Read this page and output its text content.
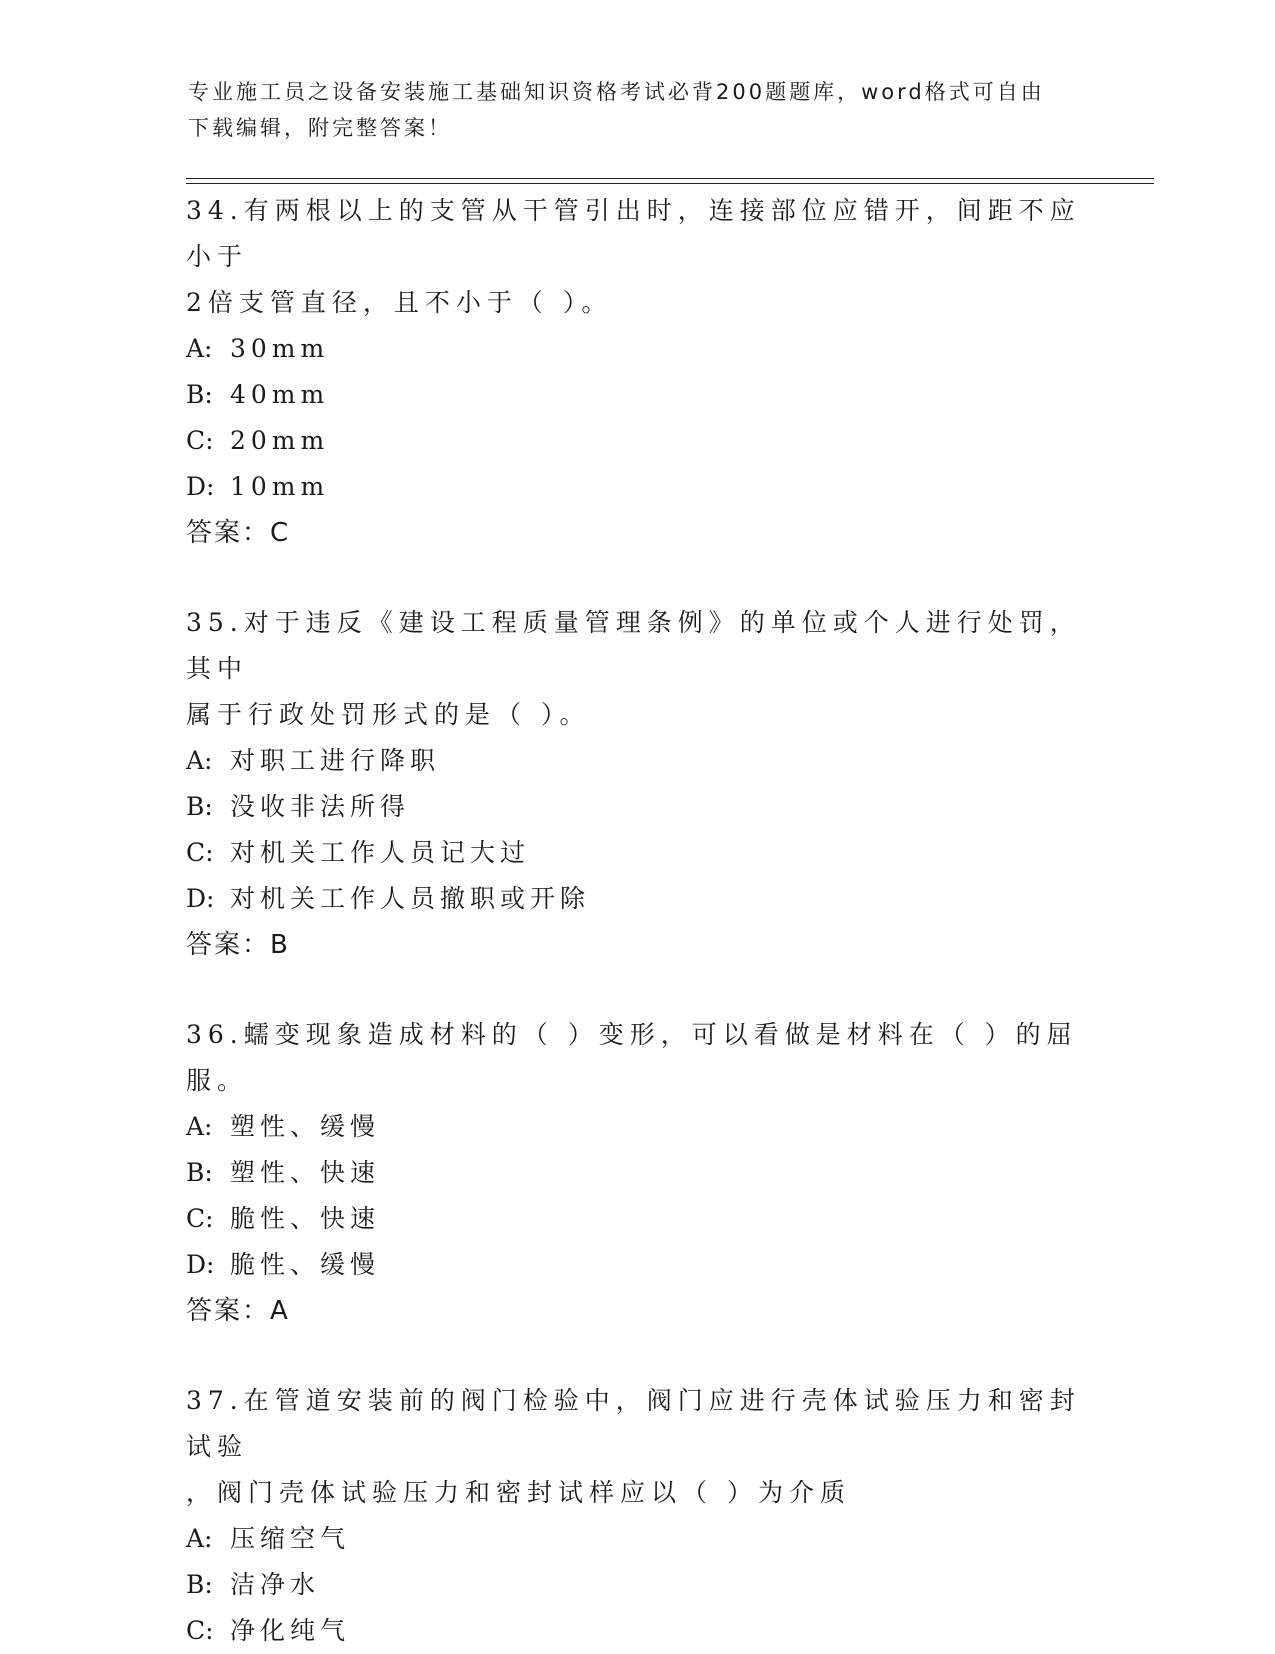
专业施工员之设备安装施工基础知识资格考试必背200题题库，word格式可自由
下载编辑，附完整答案！
34.有两根以上的支管从干管引出时，连接部位应错开，间距不应小于
2倍支管直径，且不小于（ ）。
A: 30mm
B: 40mm
C: 20mm
D: 10mm
答案：C
35.对于违反《建设工程质量管理条例》的单位或个人进行处罚，其中
属于行政处罚形式的是（ ）。
A: 对职工进行降职
B: 没收非法所得
C: 对机关工作人员记大过
D: 对机关工作人员撤职或开除
答案：B
36.蠕变现象造成材料的（ ）变形，可以看做是材料在（ ）的屈服。
A: 塑性、缓慢
B: 塑性、快速
C: 脆性、快速
D: 脆性、缓慢
答案：A
37.在管道安装前的阀门检验中，阀门应进行壳体试验压力和密封试验
，阀门壳体试验压力和密封试样应以（ ）为介质
A: 压缩空气
B: 洁净水
C: 净化纯气
